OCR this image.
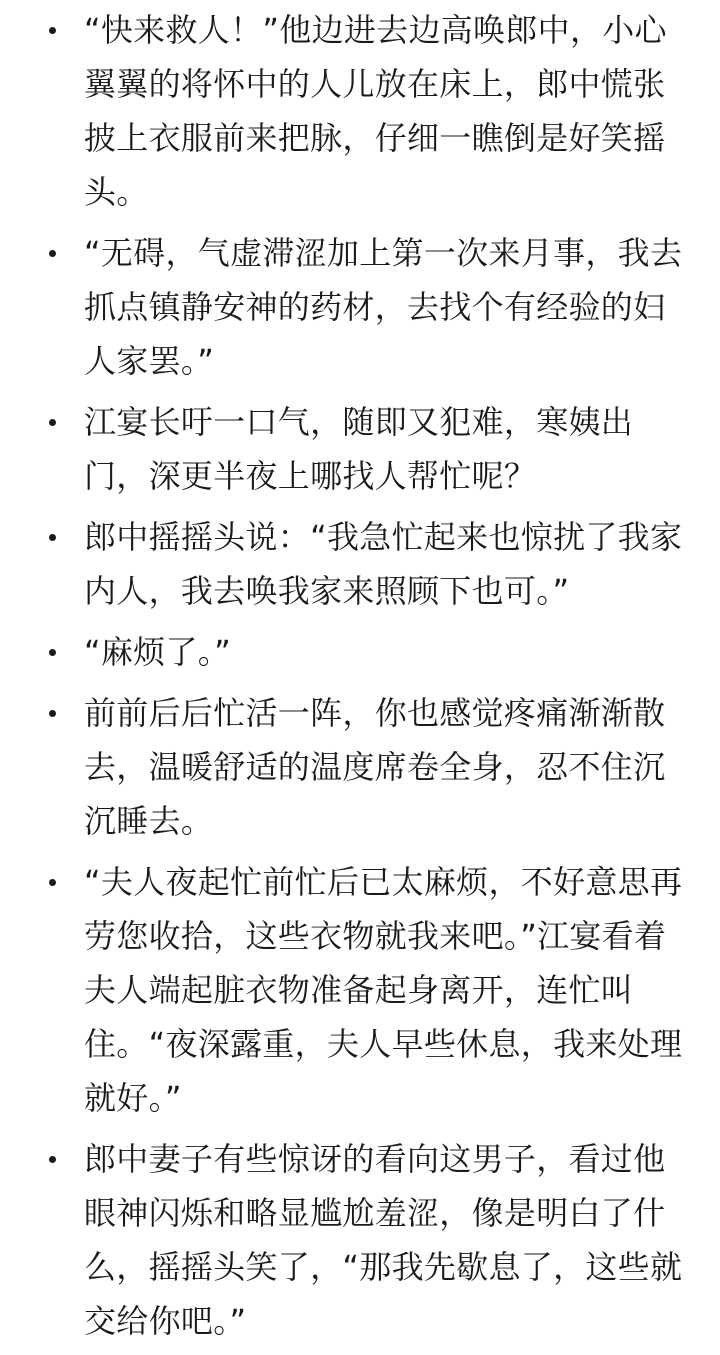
“快来救人！”他边进去边高唤郎中，小心翼翼的将怀中的人儿放在床上，郎中慌张披上衣服前来把脉，仔细一瞧倒是好笑摇头。
“无碍，气虚滞涩加上第一次来月事，我去抓点镇静安神的药材，去找个有经验的妇人家罢。”
江宴长吁一口气，随即又犯难，寒姨出门，深更半夜上哪找人帮忙呢？
郎中摇摇头说：“我急忙起来也惊扰了我家内人，我去唤我家来照顾下也可。”
“麻烦了。”
前前后后忙活一阵，你也感觉疼痛渐渐散去，温暖舒适的温度席卷全身，忍不住沉沉睡去。
“夫人夜起忙前忙后已太麻烦，不好意思再劳您收拾，这些衣物就我来吧。”江宴看着夫人端起脏衣物准备起身离开，连忙叫住。“夜深露重，夫人早些休息，我来处理就好。”
郎中妻子有些惊讶的看向这男子，看过他眼神闪烁和略显尴尬羞涩，像是明白了什么，摇摇头笑了，“那我先歇息了，这些就交给你吧。”
